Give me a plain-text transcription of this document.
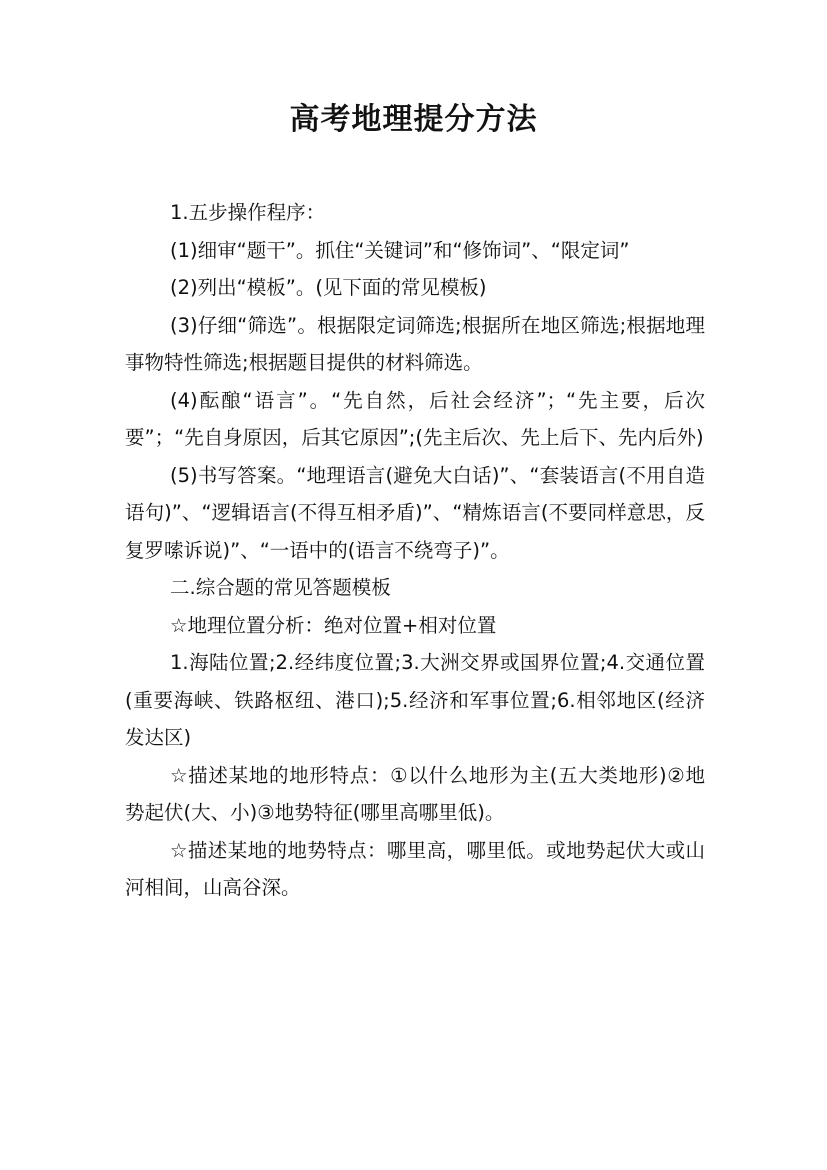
高考地理提分方法

1.五步操作程序：

(1)细审“题干”。抓住“关键词”和“修饰词”、“限定词”

(2)列出“模板”。(见下面的常见模板)

(3)仔细“筛选”。根据限定词筛选;根据所在地区筛选;根据地理事物特性筛选;根据题目提供的材料筛选。

(4)酝酿“语言”。“先自然，后社会经济”；“先主要，后次要”；“先自身原因，后其它原因”;(先主后次、先上后下、先内后外)

(5)书写答案。“地理语言(避免大白话)”、“套装语言(不用自造语句)”、“逻辑语言(不得互相矛盾)”、“精炼语言(不要同样意思，反复罗嗦诉说)”、“一语中的(语言不绕弯子)”。

二.综合题的常见答题模板

☆地理位置分析：绝对位置+相对位置

1.海陆位置;2.经纬度位置;3.大洲交界或国界位置;4.交通位置(重要海峡、铁路枢纽、港口);5.经济和军事位置;6.相邻地区(经济发达区)

☆描述某地的地形特点：①以什么地形为主(五大类地形)②地势起伏(大、小)③地势特征(哪里高哪里低)。

☆描述某地的地势特点：哪里高，哪里低。或地势起伏大或山河相间，山高谷深。
